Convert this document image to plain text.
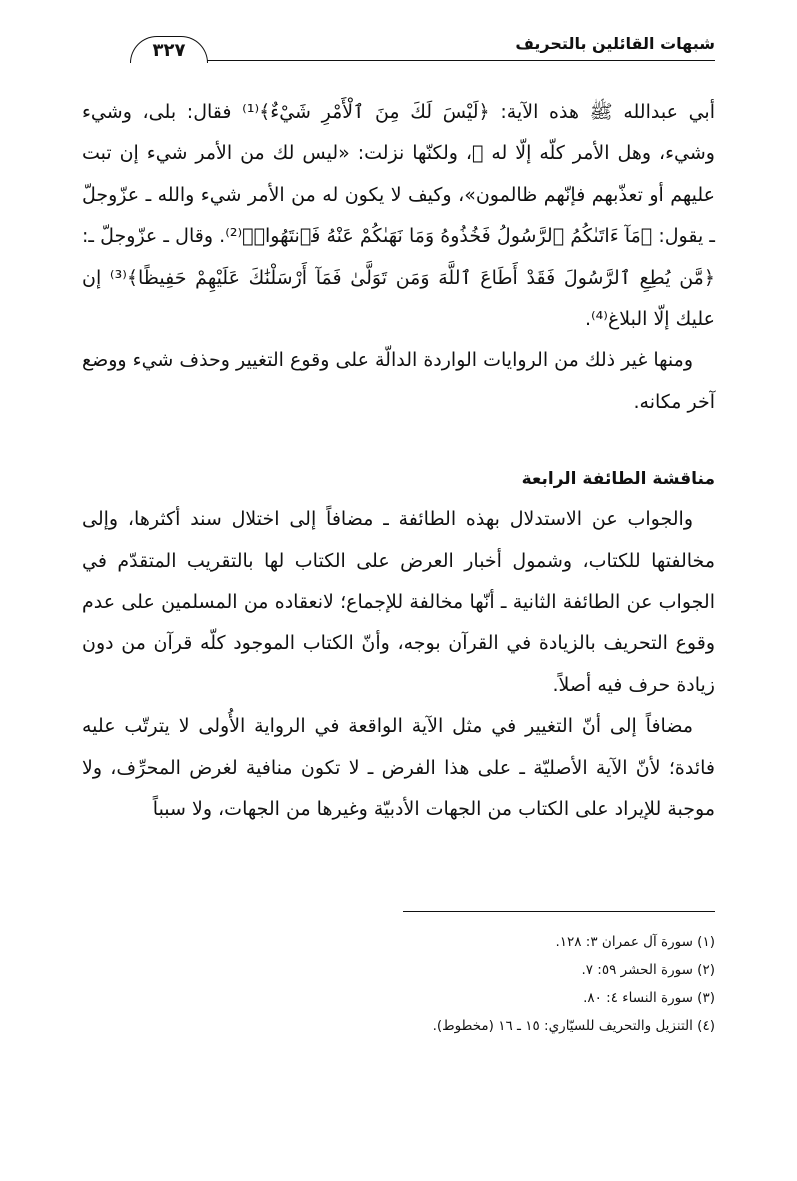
شبهات القائلين بالتحريف
٣٢٧

أبي عبدالله ﷺ هذه الآية: ﴿لَيْسَ لَكَ مِنَ ٱلْأَمْرِ شَيْءٌ﴾⁽¹⁾ فقال: بلى، وشيء وشيء، وهل الأمر كلّه إلّا له ﷺ، ولكنّها نزلت: «ليس لك من الأمر شيء إن تبت عليهم أو تعذّبهم فإنّهم ظالمون»، وكيف لا يكون له من الأمر شيء والله ـ عزّوجلّ ـ يقول: ﴿مَآ ءَاتَىٰكُمُ ٱلرَّسُولُ فَخُذُوهُ وَمَا نَهَىٰكُمْ عَنْهُ فَٱنتَهُوا۟﴾⁽²⁾. وقال ـ عزّوجلّ ـ: ﴿مَّن يُطِعِ ٱلرَّسُولَ فَقَدْ أَطَاعَ ٱللَّهَ وَمَن تَوَلَّىٰ فَمَآ أَرْسَلْنَٰكَ عَلَيْهِمْ حَفِيظًا﴾⁽³⁾ إن عليك إلّا البلاغ⁽⁴⁾.

ومنها غير ذلك من الروايات الواردة الدالّة على وقوع التغيير وحذف شيء ووضع آخر مكانه.

مناقشة الطائفة الرابعة

والجواب عن الاستدلال بهذه الطائفة ـ مضافاً إلى اختلال سند أكثرها، وإلى مخالفتها للكتاب، وشمول أخبار العرض على الكتاب لها بالتقريب المتقدّم في الجواب عن الطائفة الثانية ـ أنّها مخالفة للإجماع؛ لانعقاده من المسلمين على عدم وقوع التحريف بالزيادة في القرآن بوجه، وأنّ الكتاب الموجود كلّه قرآن من دون زيادة حرف فيه أصلاً.

مضافاً إلى أنّ التغيير في مثل الآية الواقعة في الرواية الأُولى لا يترتّب عليه فائدة؛ لأنّ الآية الأصليّة ـ على هذا الفرض ـ لا تكون منافية لغرض المحرِّف، ولا موجبة للإيراد على الكتاب من الجهات الأدبيّة وغيرها من الجهات، ولا سبباً

(١) سورة آل عمران ٣: ١٢٨.

(٢) سورة الحشر ٥٩: ٧.

(٣) سورة النساء ٤: ٨٠.

(٤) التنزيل والتحريف للسيّاري: ١٥ ـ ١٦ (مخطوط).
